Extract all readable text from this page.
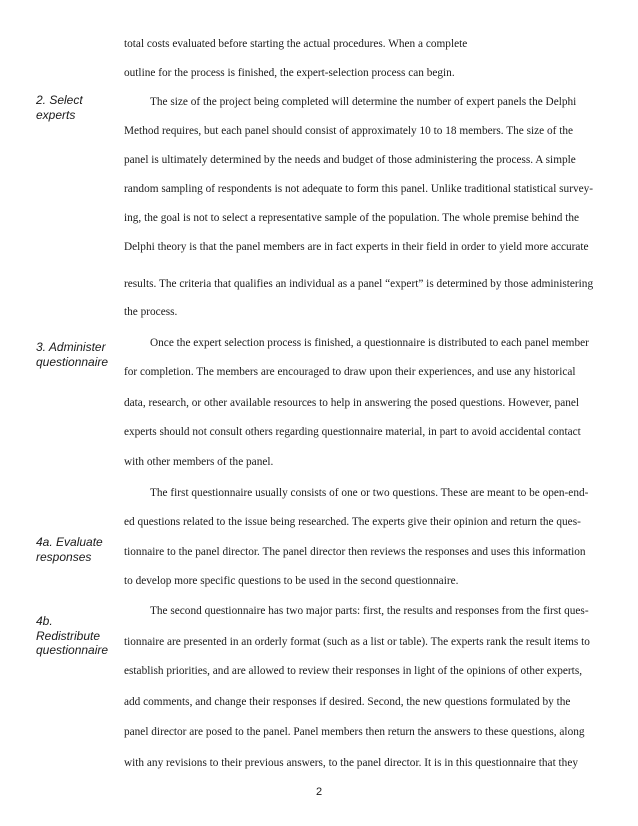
2. Select experts
3. Administer questionnaire
4a. Evaluate responses
4b. Redistribute questionnaire
total costs evaluated before starting the actual procedures. When a complete
outline for the process is finished, the expert-selection process can begin.
The size of the project being completed will determine the number of expert panels the Delphi
Method requires, but each panel should consist of approximately 10 to 18 members. The size of the
panel is ultimately determined by the needs and budget of those administering the process. A simple
random sampling of respondents is not adequate to form this panel. Unlike traditional statistical survey-
ing, the goal is not to select a representative sample of the population. The whole premise behind the
Delphi theory is that the panel members are in fact experts in their field in order to yield more accurate
results. The criteria that qualifies an individual as a panel “expert” is determined by those administering
the process.
Once the expert selection process is finished, a questionnaire is distributed to each panel member
for completion. The members are encouraged to draw upon their experiences, and use any historical
data, research, or other available resources to help in answering the posed questions. However, panel
experts should not consult others regarding questionnaire material, in part to avoid accidental contact
with other members of the panel.
The first questionnaire usually consists of one or two questions. These are meant to be open-end-
ed questions related to the issue being researched. The experts give their opinion and return the ques-
tionnaire to the panel director. The panel director then reviews the responses and uses this information
to develop more specific questions to be used in the second questionnaire.
The second questionnaire has two major parts: first, the results and responses from the first ques-
tionnaire are presented in an orderly format (such as a list or table). The experts rank the result items to
establish priorities, and are allowed to review their responses in light of the opinions of other experts,
add comments, and change their responses if desired. Second, the new questions formulated by the
panel director are posed to the panel. Panel members then return the answers to these questions, along
with any revisions to their previous answers, to the panel director. It is in this questionnaire that they
2
